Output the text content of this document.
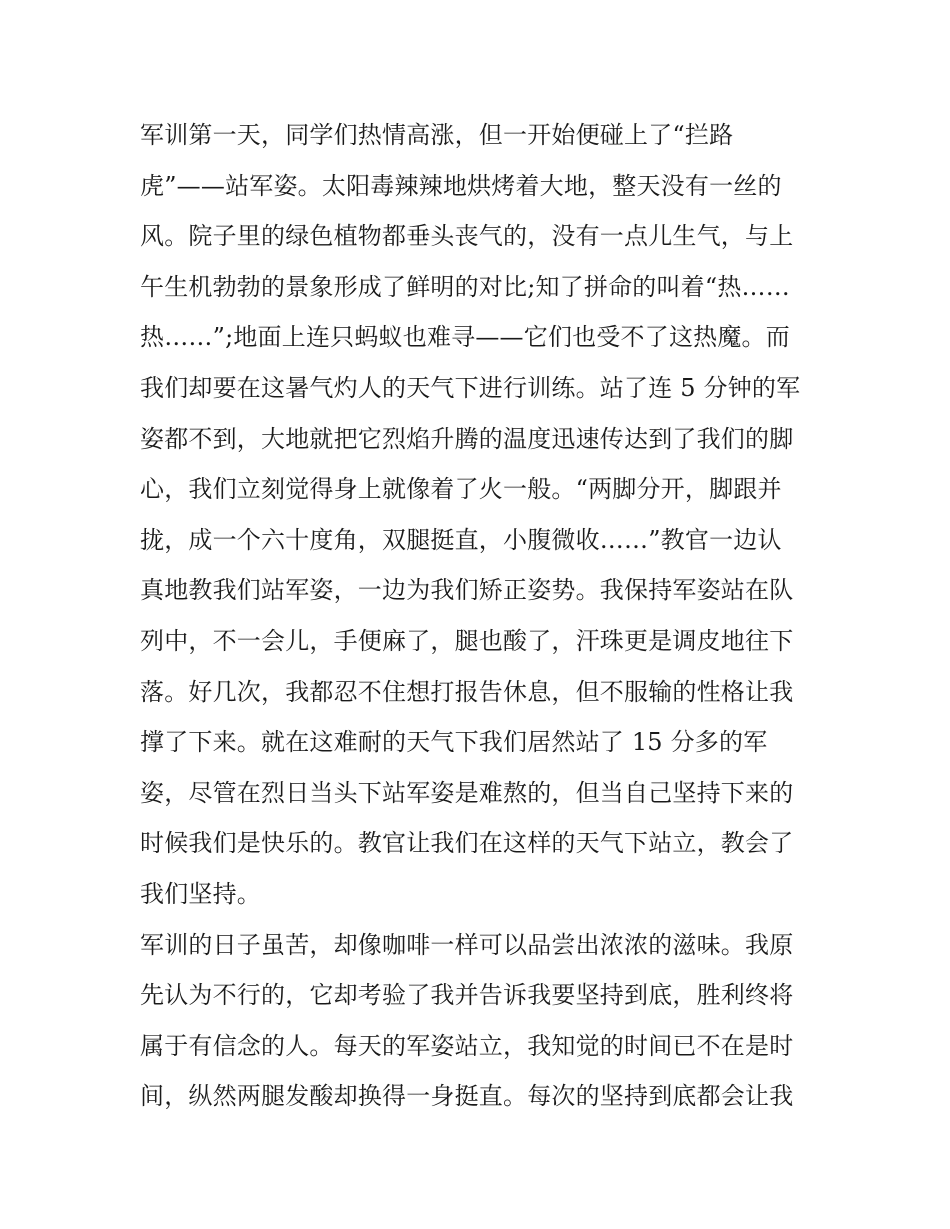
军训第一天，同学们热情高涨，但一开始便碰上了“拦路
虎”——站军姿。太阳毒辣辣地烘烤着大地，整天没有一丝的
风。院子里的绿色植物都垂头丧气的，没有一点儿生气，与上
午生机勃勃的景象形成了鲜明的对比;知了拼命的叫着“热……
热……”;地面上连只蚂蚁也难寻——它们也受不了这热魔。而
我们却要在这暑气灼人的天气下进行训练。站了连 5 分钟的军
姿都不到，大地就把它烈焰升腾的温度迅速传达到了我们的脚
心，我们立刻觉得身上就像着了火一般。“两脚分开，脚跟并
拢，成一个六十度角，双腿挺直，小腹微收……”教官一边认
真地教我们站军姿，一边为我们矫正姿势。我保持军姿站在队
列中，不一会儿，手便麻了，腿也酸了，汗珠更是调皮地往下
落。好几次，我都忍不住想打报告休息，但不服输的性格让我
撑了下来。就在这难耐的天气下我们居然站了 15 分多的军
姿，尽管在烈日当头下站军姿是难熬的，但当自己坚持下来的
时候我们是快乐的。教官让我们在这样的天气下站立，教会了
我们坚持。
军训的日子虽苦，却像咖啡一样可以品尝出浓浓的滋味。我原
先认为不行的，它却考验了我并告诉我要坚持到底，胜利终将
属于有信念的人。每天的军姿站立，我知觉的时间已不在是时
间，纵然两腿发酸却换得一身挺直。每次的坚持到底都会让我
